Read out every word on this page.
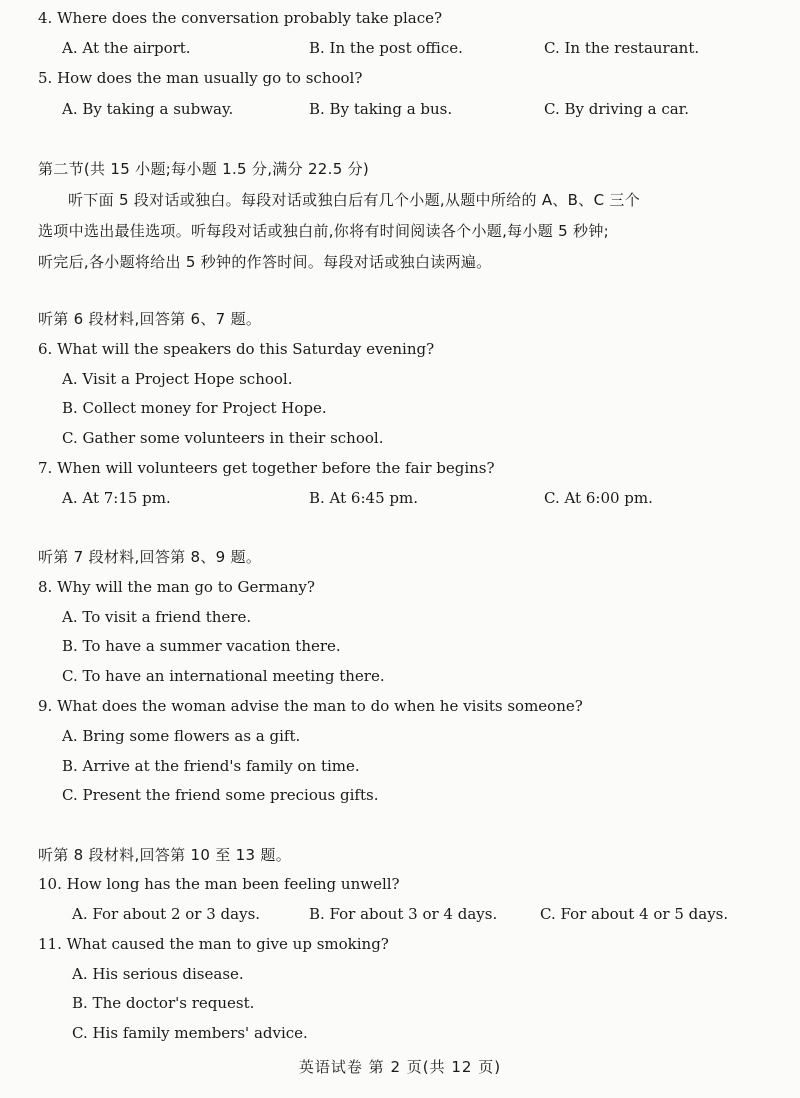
4. Where does the conversation probably take place?
A. At the airport.	B. In the post office.	C. In the restaurant.
5. How does the man usually go to school?
A. By taking a subway.	B. By taking a bus.	C. By driving a car.
第二节(共 15 小题;每小题 1.5 分,满分 22.5 分)
听下面 5 段对话或独白。每段对话或独白后有几个小题,从题中所给的 A、B、C 三个
选项中选出最佳选项。听每段对话或独白前,你将有时间阅读各个小题,每小题 5 秒钟;
听完后,各小题将给出 5 秒钟的作答时间。每段对话或独白读两遍。
听第 6 段材料,回答第 6、7 题。
6. What will the speakers do this Saturday evening?
A. Visit a Project Hope school.
B. Collect money for Project Hope.
C. Gather some volunteers in their school.
7. When will volunteers get together before the fair begins?
A. At 7:15 pm.	B. At 6:45 pm.	C. At 6:00 pm.
听第 7 段材料,回答第 8、9 题。
8. Why will the man go to Germany?
A. To visit a friend there.
B. To have a summer vacation there.
C. To have an international meeting there.
9. What does the woman advise the man to do when he visits someone?
A. Bring some flowers as a gift.
B. Arrive at the friend's family on time.
C. Present the friend some precious gifts.
听第 8 段材料,回答第 10 至 13 题。
10. How long has the man been feeling unwell?
A. For about 2 or 3 days.	B. For about 3 or 4 days.	C. For about 4 or 5 days.
11. What caused the man to give up smoking?
A. His serious disease.
B. The doctor's request.
C. His family members' advice.
英语试卷 第 2 页(共 12 页)
